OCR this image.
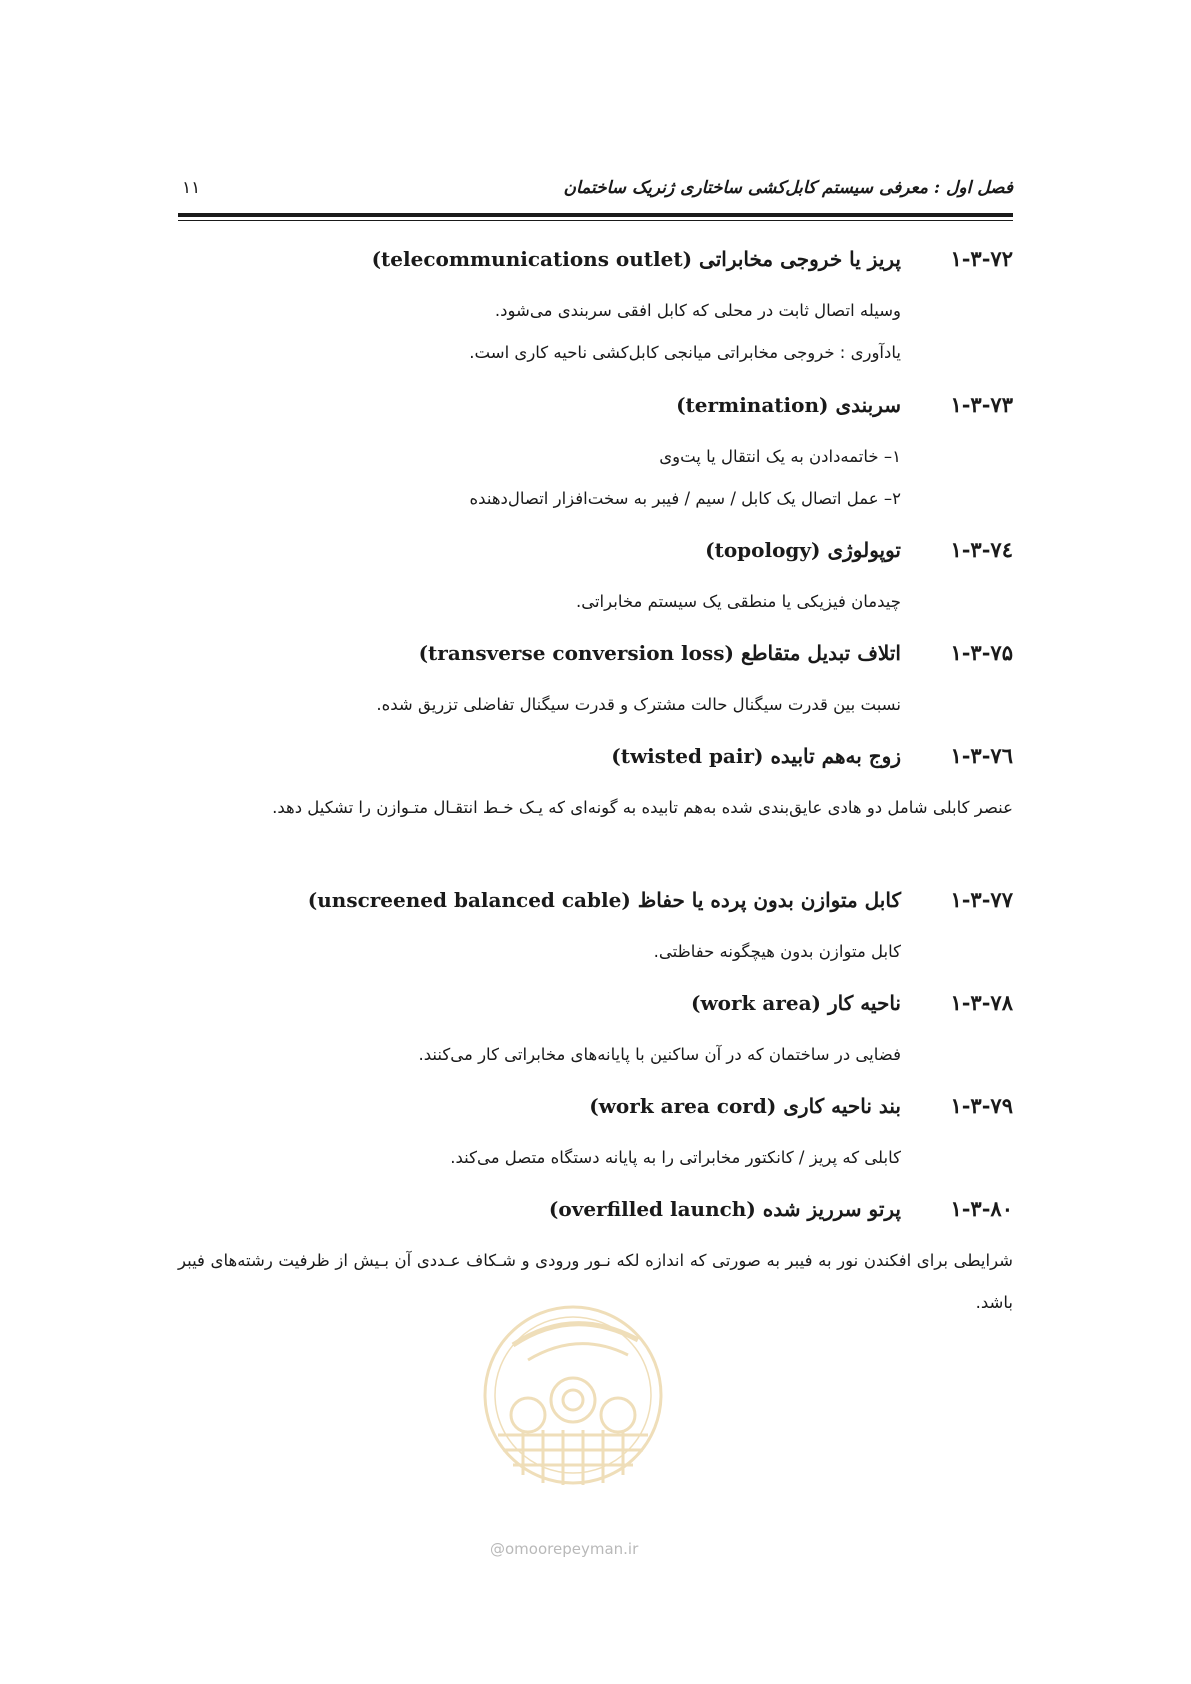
فصل اول : معرفی سیستم کابل‌کشی ساختاری ژنریک ساختمان
۱۱
۱-۳-۷۲
پریز یا خروجی مخابراتی (telecommunications outlet)

وسیله اتصال ثابت در محلی که کابل افقی سربندی می‌شود.

یادآوری : خروجی مخابراتی میانجی کابل‌کشی ناحیه کاری است.

۱-۳-۷۳
سربندی (termination)

۱– خاتمه‌دادن به یک انتقال یا پت‌وی

۲– عمل اتصال یک کابل / سیم / فیبر به سخت‌افزار اتصال‌دهنده

۱-۳-۷٤
توپولوژی (topology)

چیدمان فیزیکی یا منطقی یک سیستم مخابراتی.

۱-۳-۷۵
اتلاف تبدیل متقاطع (transverse conversion loss)

نسبت بین قدرت سیگنال حالت مشترک و قدرت سیگنال تفاضلی تزریق شده.

۱-۳-۷٦
زوج به‌هم تابیده (twisted pair)

عنصر کابلی شامل دو هادی عایق‌بندی شده به‌هم تابیده به گونه‌ای که یـک خـط انتقـال متـوازن را تشکیل دهد.

۱-۳-۷۷
کابل متوازن بدون پرده یا حفاظ (unscreened balanced cable)

کابل متوازن بدون هیچگونه حفاظتی.

۱-۳-۷۸
ناحیه کار (work area)

فضایی در ساختمان که در آن ساکنین با پایانه‌های مخابراتی کار می‌کنند.

۱-۳-۷۹
بند ناحیه کاری (work area cord)

کابلی که پریز / کانکتور مخابراتی را به پایانه دستگاه متصل می‌کند.

۱-۳-۸۰
پرتو سرریز شده (overfilled launch)

شرایطی برای افکندن نور به فیبر به صورتی که اندازه لکه نـور ورودی و شـکاف عـددی آن بـیش از ظرفیت رشته‌های فیبر باشد.

@omoorepeyman.ir
